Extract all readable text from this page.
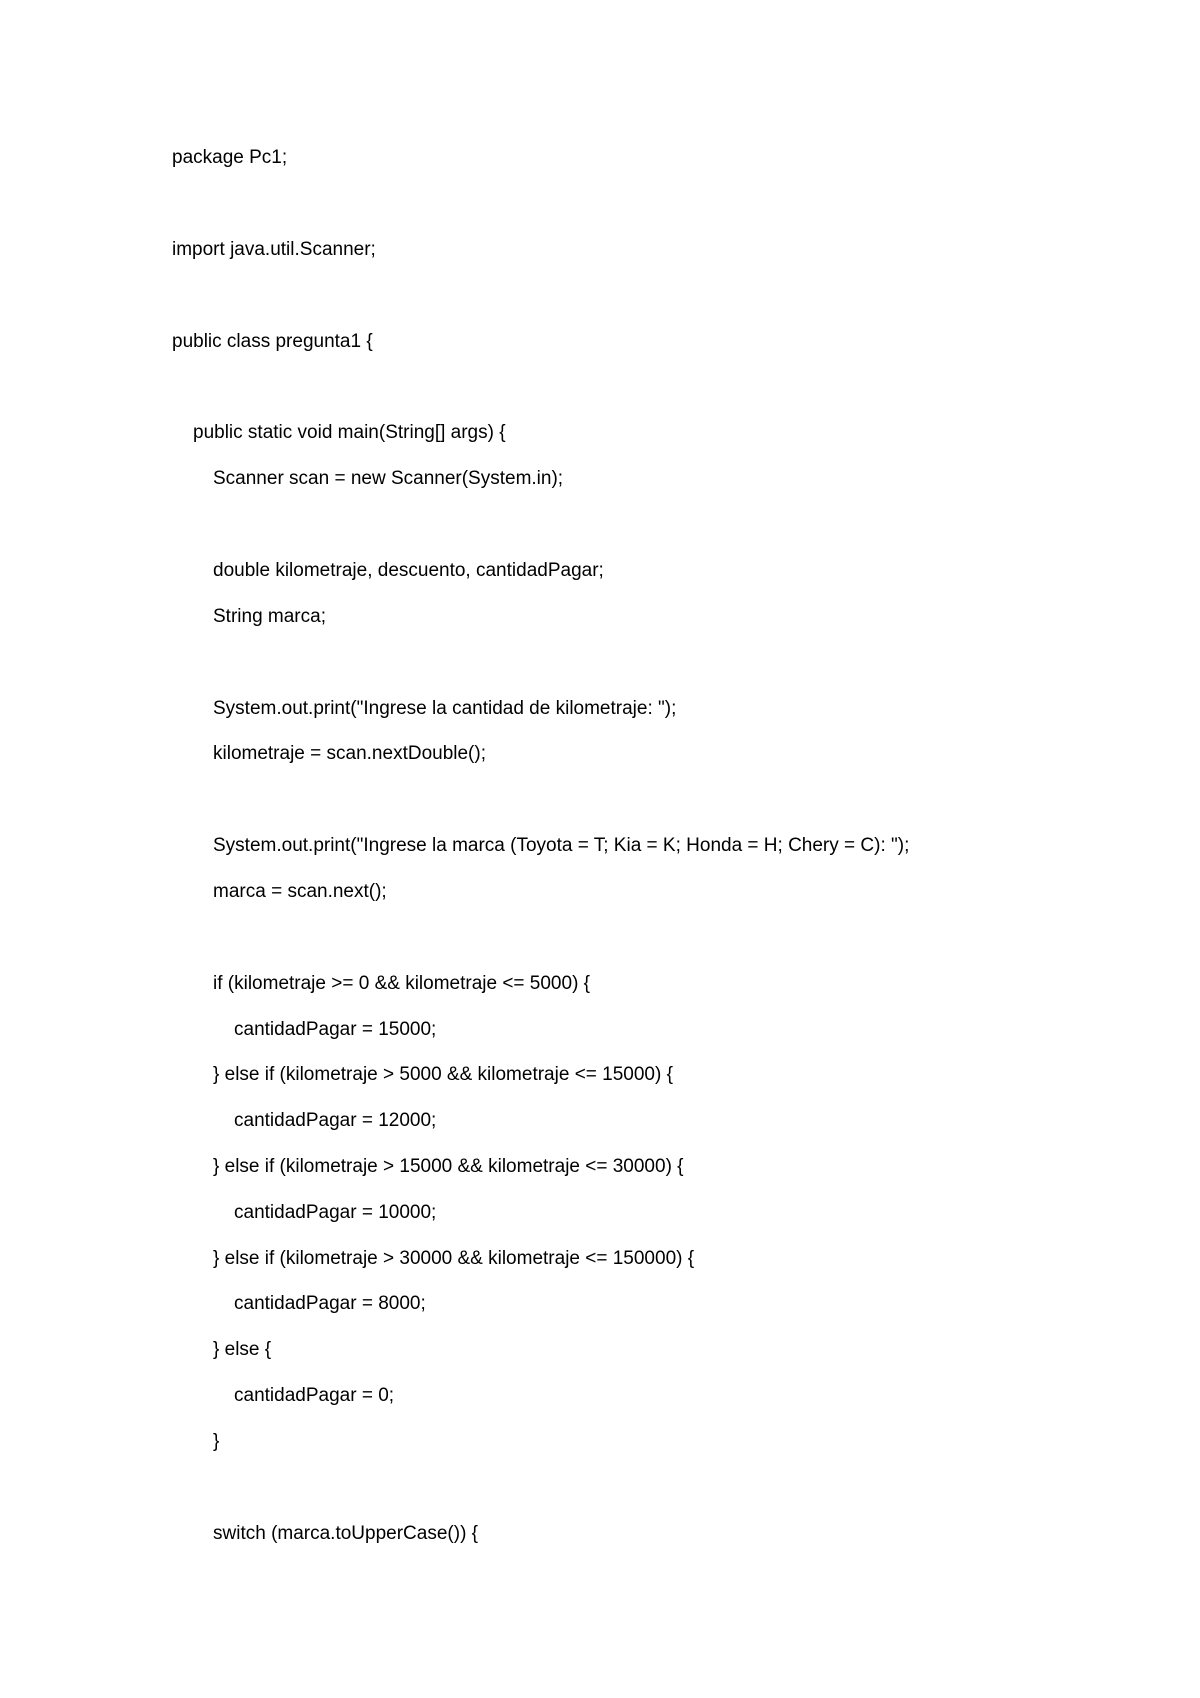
package Pc1;
import java.util.Scanner;
public class pregunta1 {
public static void main(String[] args) {
Scanner scan = new Scanner(System.in);
double kilometraje, descuento, cantidadPagar;
String marca;
System.out.print("Ingrese la cantidad de kilometraje: ");
kilometraje = scan.nextDouble();
System.out.print("Ingrese la marca (Toyota = T; Kia = K; Honda = H; Chery = C): ");
marca = scan.next();
if (kilometraje >= 0 && kilometraje <= 5000) {
cantidadPagar = 15000;
} else if (kilometraje > 5000 && kilometraje <= 15000) {
cantidadPagar = 12000;
} else if (kilometraje > 15000 && kilometraje <= 30000) {
cantidadPagar = 10000;
} else if (kilometraje > 30000 && kilometraje <= 150000) {
cantidadPagar = 8000;
} else {
cantidadPagar = 0;
}
switch (marca.toUpperCase()) {
